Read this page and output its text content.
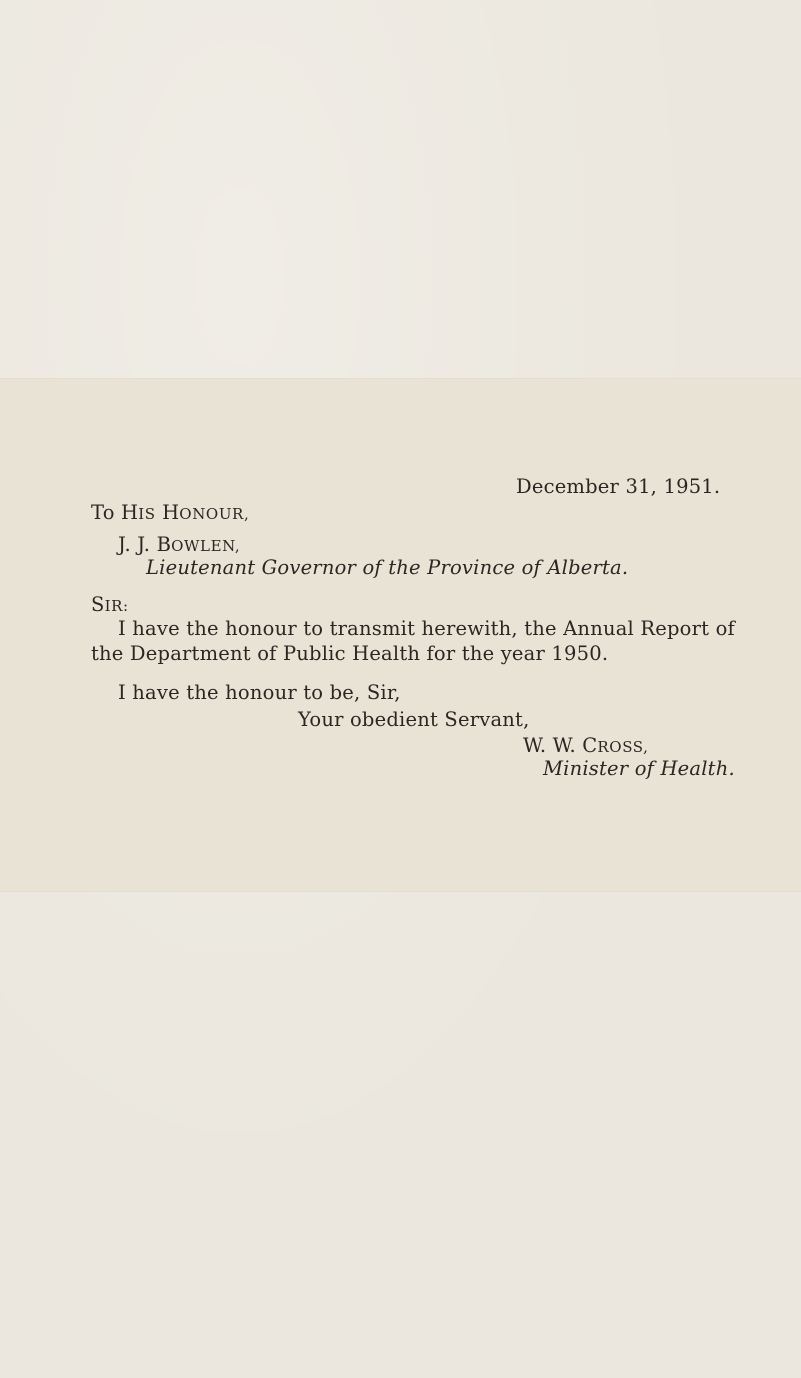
December 31, 1951.
To HIS HONOUR,
J. J. BOWLEN,
Lieutenant Governor of the Province of Alberta.
SIR:
I have the honour to transmit herewith, the Annual Report of
the Department of Public Health for the year 1950.
I have the honour to be, Sir,
Your obedient Servant,
W. W. CROSS,
Minister of Health.
